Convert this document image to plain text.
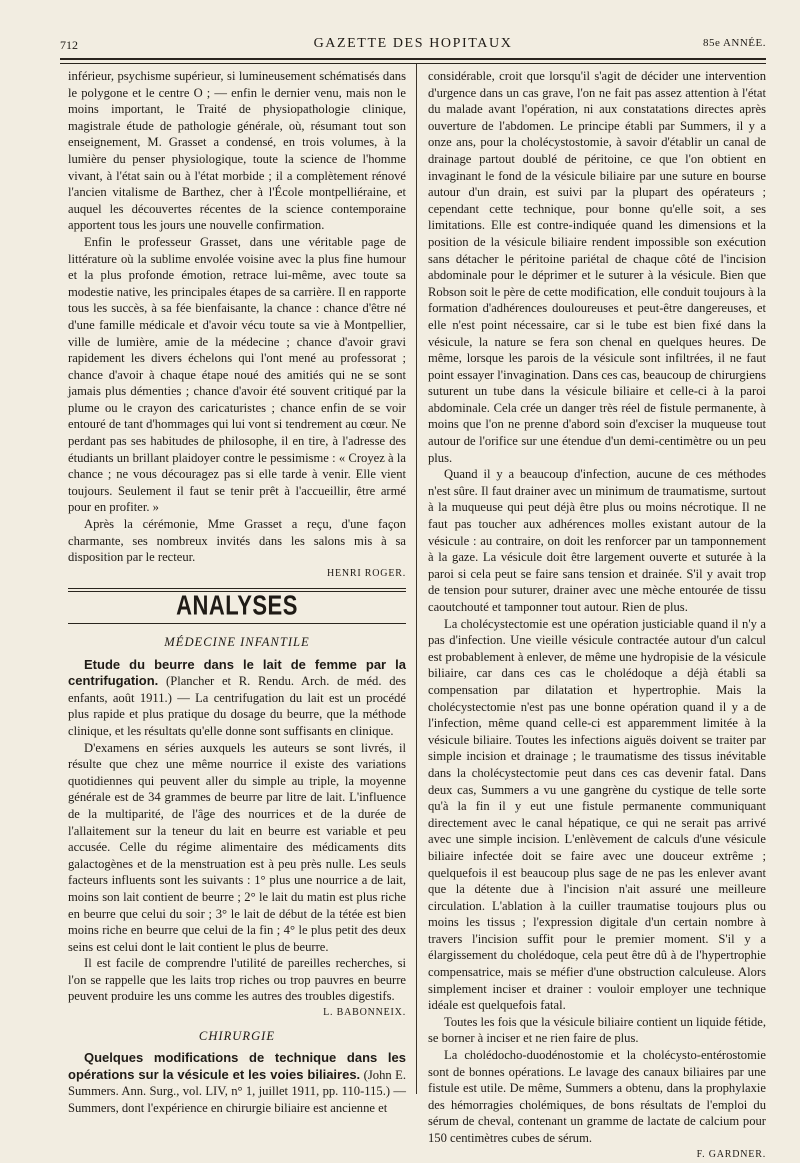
712	GAZETTE DES HOPITAUX	85e ANNÉE.

inférieur, psychisme supérieur, si lumineusement schématisés dans le polygone et le centre O ; — enfin le dernier venu, mais non le moins important, le Traité de physiopathologie clinique, magistrale étude de pathologie générale, où, résumant tout son enseignement, M. Grasset a condensé, en trois volumes, à la lumière du penser physiologique, toute la science de l'homme vivant, à l'état sain ou à l'état morbide ; il a complètement rénové l'ancien vitalisme de Barthez, cher à l'École montpelliéraine, et auquel les découvertes récentes de la science contemporaine apportent tous les jours une nouvelle confirmation.

Enfin le professeur Grasset, dans une véritable page de littérature où la sublime envolée voisine avec la plus fine humour et la plus profonde émotion, retrace lui-même, avec toute sa modestie native, les principales étapes de sa carrière. Il en rapporte tous les succès, à sa fée bienfaisante, la chance : chance d'être né d'une famille médicale et d'avoir vécu toute sa vie à Montpellier, ville de lumière, amie de la médecine ; chance d'avoir gravi rapidement les divers échelons qui l'ont mené au professorat ; chance d'avoir à chaque étape noué des amitiés qui ne se sont jamais plus démenties ; chance d'avoir été souvent critiqué par la plume ou le crayon des caricaturistes ; chance enfin de se voir entouré de tant d'hommages qui lui vont si tendrement au cœur. Ne perdant pas ses habitudes de philosophe, il en tire, à l'adresse des étudiants un brillant plaidoyer contre le pessimisme : « Croyez à la chance ; ne vous découragez pas si elle tarde à venir. Elle vient toujours. Seulement il faut se tenir prêt à l'accueillir, être armé pour en profiter. »

Après la cérémonie, Mme Grasset a reçu, d'une façon charmante, ses nombreux invités dans les salons mis à sa disposition par le recteur.

HENRI ROGER.
ANALYSES
MÉDECINE INFANTILE

Etude du beurre dans le lait de femme par la centrifugation. (Plancher et R. Rendu. Arch. de méd. des enfants, août 1911.) — La centrifugation du lait est un procédé plus rapide et plus pratique du dosage du beurre, que la méthode clinique, et les résultats qu'elle donne sont suffisants en clinique.

D'examens en séries auxquels les auteurs se sont livrés, il résulte que chez une même nourrice il existe des variations quotidiennes qui peuvent aller du simple au triple, la moyenne générale est de 34 grammes de beurre par litre de lait. L'influence de la multiparité, de l'âge des nourrices et de la durée de l'allaitement sur la teneur du lait en beurre est variable et peu accusée. Celle du régime alimentaire des médicaments dits galactogènes et de la menstruation est à peu près nulle. Les seuls facteurs influents sont les suivants : 1° plus une nourrice a de lait, moins son lait contient de beurre ; 2° le lait du matin est plus riche en beurre que celui du soir ; 3° le lait de début de la tétée est bien moins riche en beurre que celui de la fin ; 4° le plus petit des deux seins est celui dont le lait contient le plus de beurre.

Il est facile de comprendre l'utilité de pareilles recherches, si l'on se rappelle que les laits trop riches ou trop pauvres en beurre peuvent produire les uns comme les autres des troubles digestifs.

L. BABONNEIX.
CHIRURGIE

Quelques modifications de technique dans les opérations sur la vésicule et les voies biliaires. (John E. Summers. Ann. Surg., vol. LIV, n° 1, juillet 1911, pp. 110-115.) — Summers, dont l'expérience en chirurgie biliaire est ancienne et

considérable, croit que lorsqu'il s'agit de décider une intervention d'urgence dans un cas grave, l'on ne fait pas assez attention à l'état du malade avant l'opération, ni aux constatations directes après ouverture de l'abdomen. Le principe établi par Summers, il y a onze ans, pour la cholécystostomie, à savoir d'établir un canal de drainage partout doublé de péritoine, ce que l'on obtient en invaginant le fond de la vésicule biliaire par une suture en bourse autour d'un drain, est suivi par la plupart des opérateurs ; cependant cette technique, pour bonne qu'elle soit, a ses limitations. Elle est contre-indiquée quand les dimensions et la position de la vésicule biliaire rendent impossible son exécution sans détacher le péritoine pariétal de chaque côté de l'incision abdominale pour le déprimer et le suturer à la vésicule. Bien que Robson soit le père de cette modification, elle conduit toujours à la formation d'adhérences douloureuses et peut-être dangereuses, et elle n'est point nécessaire, car si le tube est bien fixé dans la vésicule, la nature se fera son chenal en quelques heures. De même, lorsque les parois de la vésicule sont infiltrées, il ne faut point essayer l'invagination. Dans ces cas, beaucoup de chirurgiens suturent un tube dans la vésicule biliaire et celle-ci à la paroi abdominale. Cela crée un danger très réel de fistule permanente, à moins que l'on ne prenne d'abord soin d'exciser la muqueuse tout autour de l'orifice sur une étendue d'un demi-centimètre ou un peu plus.

Quand il y a beaucoup d'infection, aucune de ces méthodes n'est sûre. Il faut drainer avec un minimum de traumatisme, surtout à la muqueuse qui peut déjà être plus ou moins nécrotique. Il ne faut pas toucher aux adhérences molles existant autour de la vésicule : au contraire, on doit les renforcer par un tamponnement à la gaze. La vésicule doit être largement ouverte et suturée à la paroi si cela peut se faire sans tension et drainée. S'il y avait trop de tension pour suturer, drainer avec une mèche entourée de tissu caoutchouté et tamponner tout autour. Rien de plus.

La cholécystectomie est une opération justiciable quand il n'y a pas d'infection. Une vieille vésicule contractée autour d'un calcul est probablement à enlever, de même une hydropisie de la vésicule biliaire, car dans ces cas le cholédoque a déjà établi sa compensation par dilatation et hypertrophie. Mais la cholécystectomie n'est pas une bonne opération quand il y a de l'infection, même quand celle-ci est apparemment limitée à la vésicule biliaire. Toutes les infections aiguës doivent se traiter par simple incision et drainage ; le traumatisme des tissus inévitable dans la cholécystectomie peut dans ces cas devenir fatal. Dans deux cas, Summers a vu une gangrène du cystique de telle sorte qu'à la fin il y eut une fistule permanente communiquant directement avec le canal hépatique, ce qui ne serait pas arrivé avec une simple incision. L'enlèvement de calculs d'une vésicule biliaire infectée doit se faire avec une douceur extrême ; quelquefois il est beaucoup plus sage de ne pas les enlever avant que la détente due à l'incision n'ait assuré une meilleure circulation. L'ablation à la cuiller traumatise toujours plus ou moins les tissus ; l'expression digitale d'un certain nombre à travers l'incision suffit pour le premier moment. S'il y a élargissement du cholédoque, cela peut être dû à de l'hypertrophie compensatrice, mais se méfier d'une obstruction calculeuse. Alors simplement inciser et drainer : vouloir employer une technique idéale est quelquefois fatal.

Toutes les fois que la vésicule biliaire contient un liquide fétide, se borner à inciser et ne rien faire de plus.

La cholédocho-duodénostomie et la cholécysto-entérostomie sont de bonnes opérations. Le lavage des canaux biliaires par une fistule est utile. De même, Summers a obtenu, dans la prophylaxie des hémorragies cholémiques, de bons résultats de l'emploi du sérum de cheval, contenant un gramme de lactate de calcium pour 150 centimètres cubes de sérum.

F. GARDNER.
